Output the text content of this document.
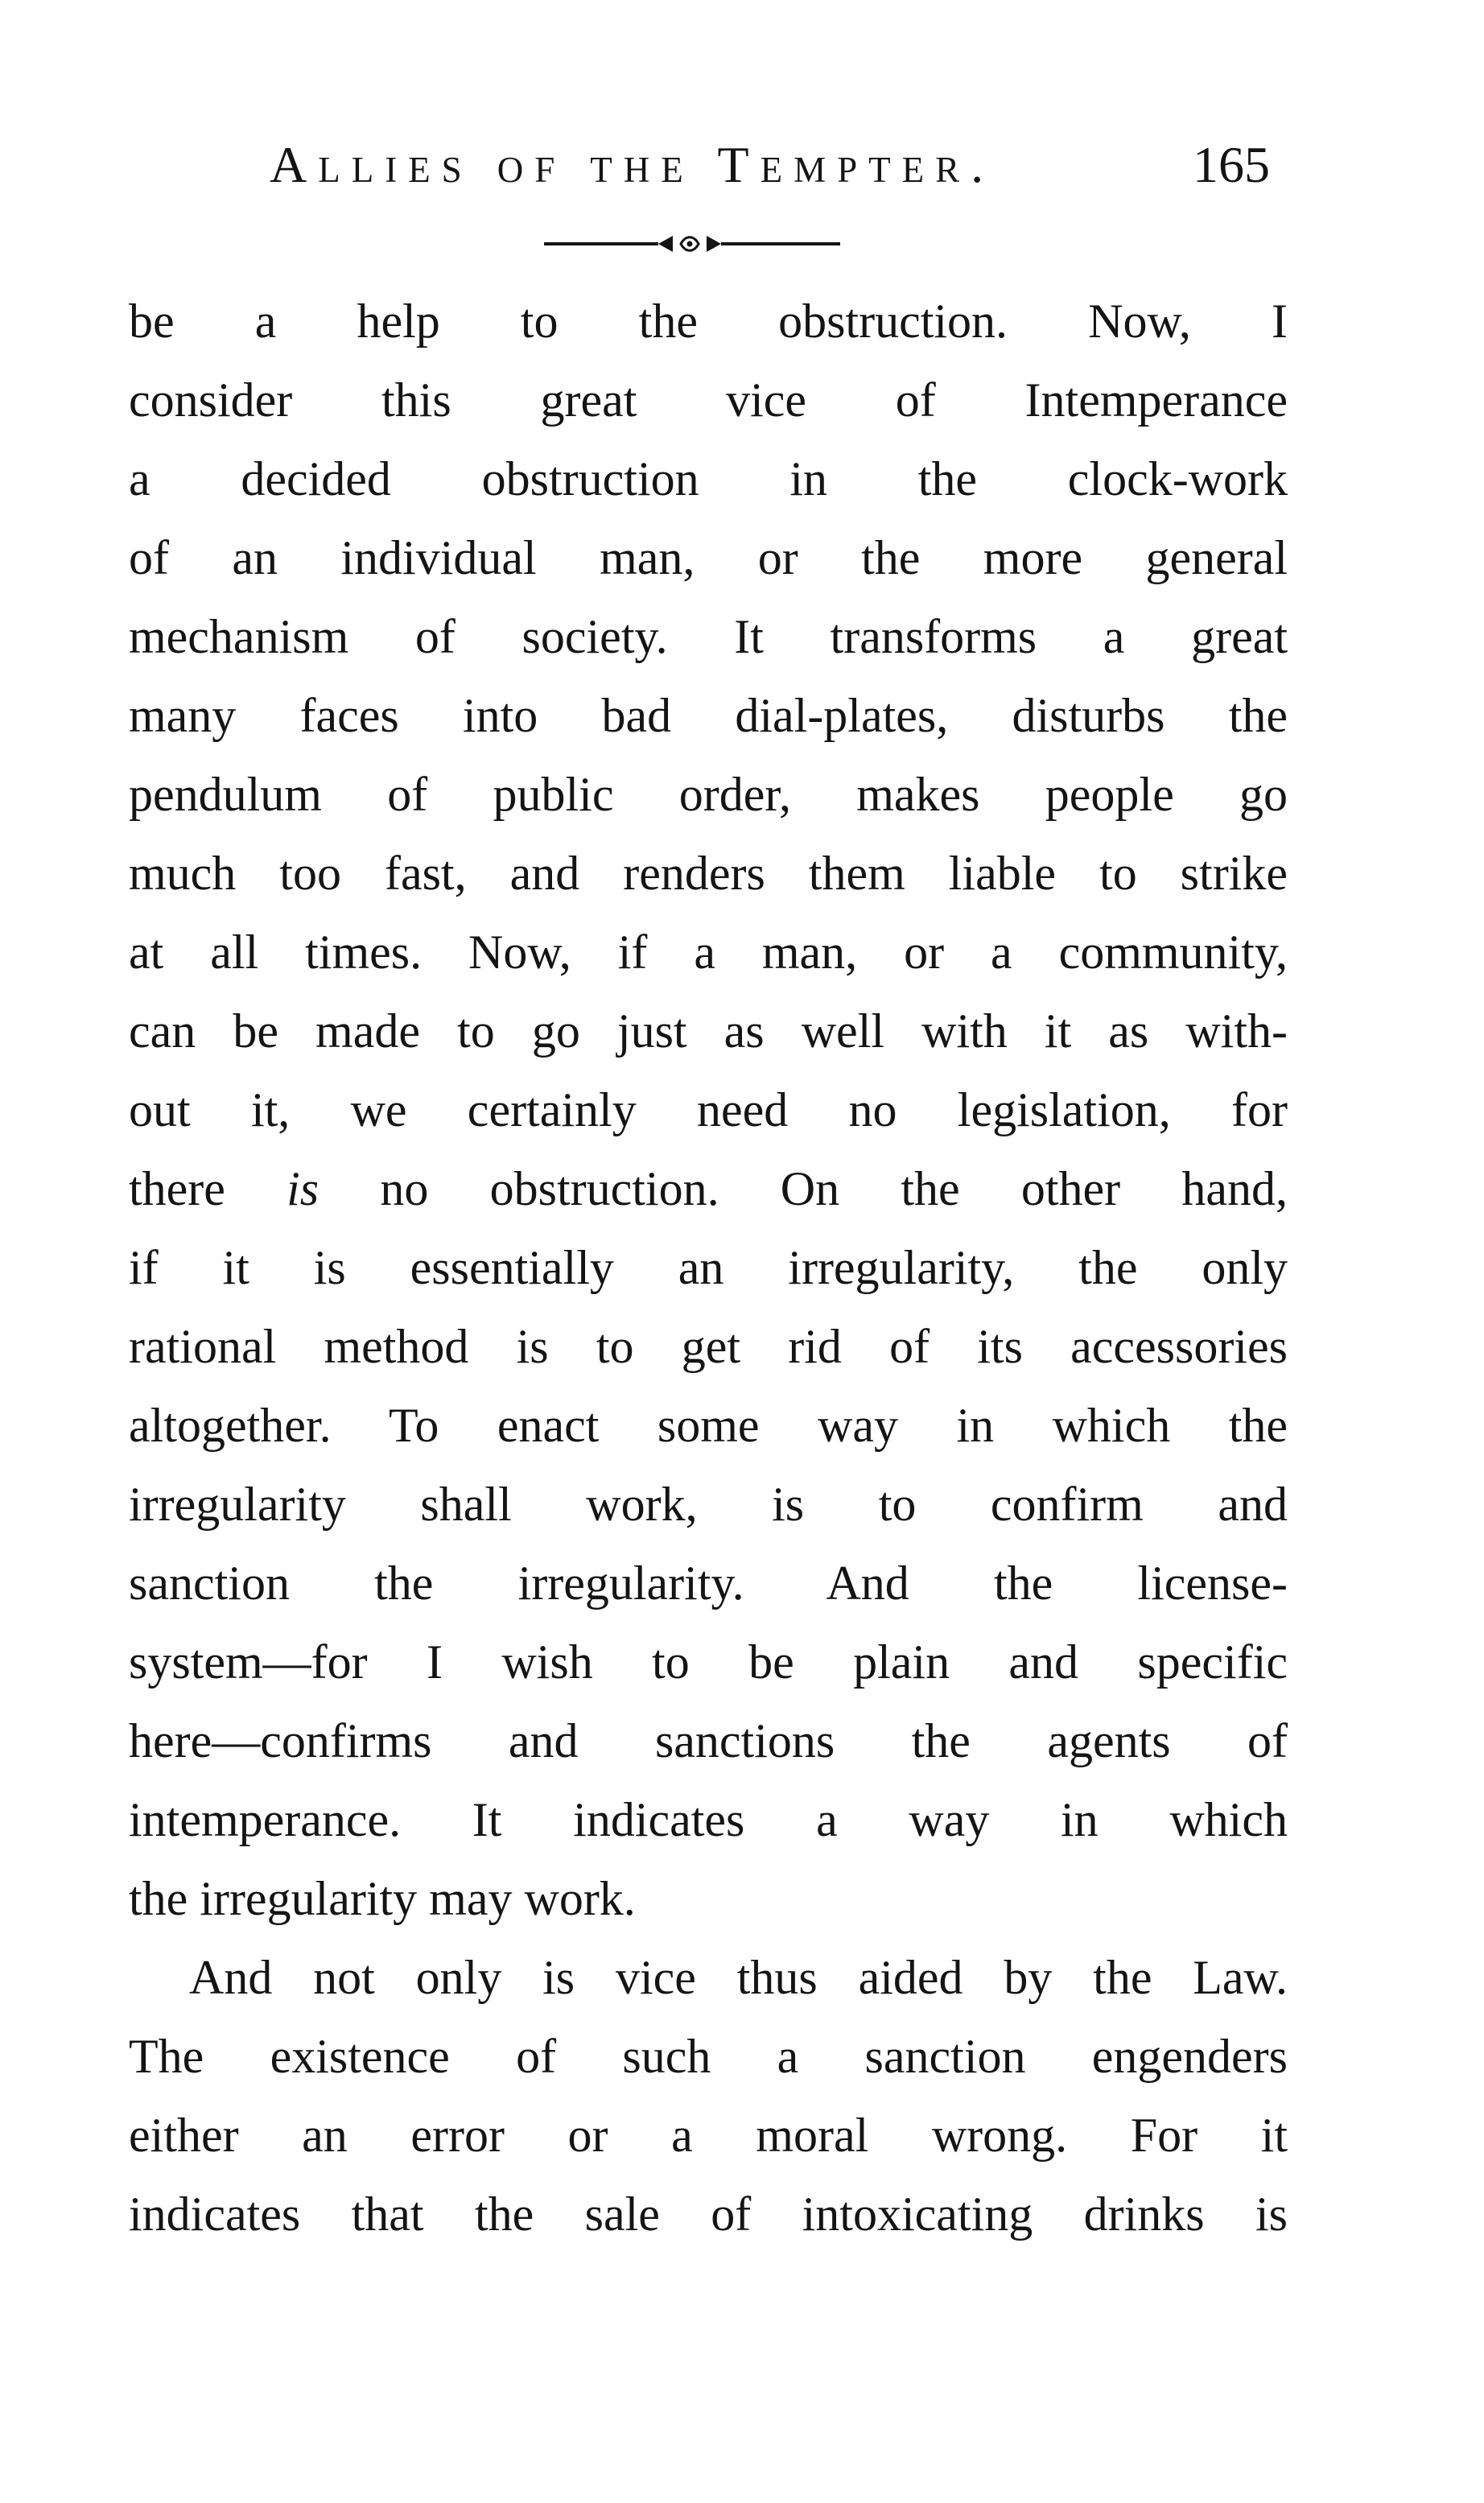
Allies of the Tempter.	165
be a help to the obstruction. Now, I
consider this great vice of Intemperance
a decided obstruction in the clock-work
of an individual man, or the more general
mechanism of society. It transforms a great
many faces into bad dial-plates, disturbs the
pendulum of public order, makes people go
much too fast, and renders them liable to strike
at all times. Now, if a man, or a community,
can be made to go just as well with it as with-
out it, we certainly need no legislation, for
there is no obstruction. On the other hand,
if it is essentially an irregularity, the only
rational method is to get rid of its accessories
altogether. To enact some way in which the
irregularity shall work, is to confirm and
sanction the irregularity. And the license-
system—for I wish to be plain and specific
here—confirms and sanctions the agents of
intemperance. It indicates a way in which
the irregularity may work.
And not only is vice thus aided by the Law.
The existence of such a sanction engenders
either an error or a moral wrong. For it
indicates that the sale of intoxicating drinks is
